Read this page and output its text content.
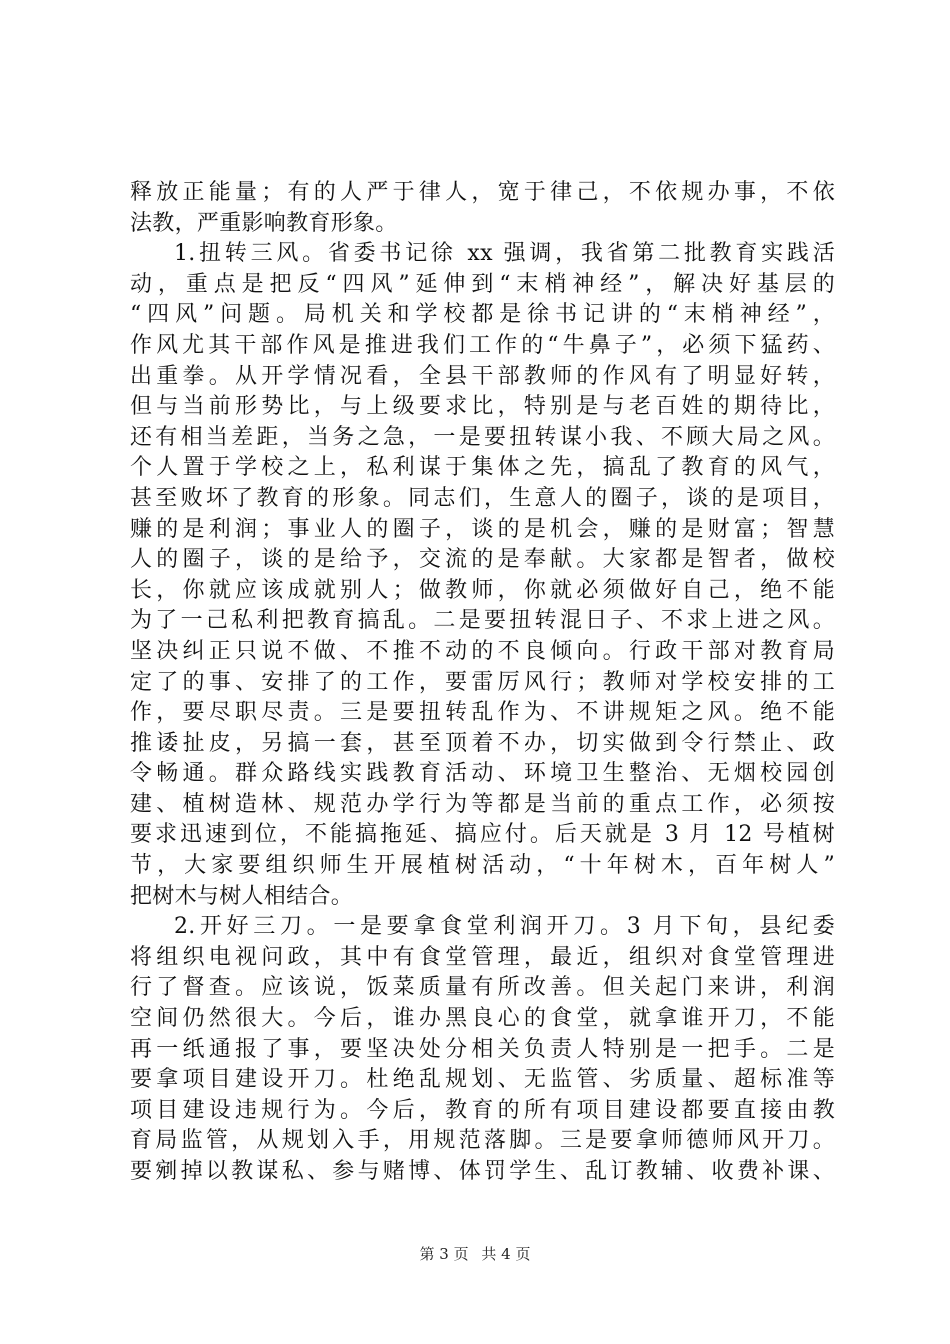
释放正能量；有的人严于律人，宽于律己，不依规办事，不依
法教，严重影响教育形象。
1.扭转三风。省委书记徐 xx 强调，我省第二批教育实践活
动，重点是把反“四风”延伸到“末梢神经”，解决好基层的
“四风”问题。局机关和学校都是徐书记讲的“末梢神经”，
作风尤其干部作风是推进我们工作的“牛鼻子”，必须下猛药、
出重拳。从开学情况看，全县干部教师的作风有了明显好转，
但与当前形势比，与上级要求比，特别是与老百姓的期待比，
还有相当差距，当务之急，一是要扭转谋小我、不顾大局之风。
个人置于学校之上，私利谋于集体之先，搞乱了教育的风气，
甚至败坏了教育的形象。同志们，生意人的圈子，谈的是项目，
赚的是利润；事业人的圈子，谈的是机会，赚的是财富；智慧
人的圈子，谈的是给予，交流的是奉献。大家都是智者，做校
长，你就应该成就别人；做教师，你就必须做好自己，绝不能
为了一己私利把教育搞乱。二是要扭转混日子、不求上进之风。
坚决纠正只说不做、不推不动的不良倾向。行政干部对教育局
定了的事、安排了的工作，要雷厉风行；教师对学校安排的工
作，要尽职尽责。三是要扭转乱作为、不讲规矩之风。绝不能
推诿扯皮，另搞一套，甚至顶着不办，切实做到令行禁止、政
令畅通。群众路线实践教育活动、环境卫生整治、无烟校园创
建、植树造林、规范办学行为等都是当前的重点工作，必须按
要求迅速到位，不能搞拖延、搞应付。后天就是 3 月 12 号植树
节，大家要组织师生开展植树活动，“十年树木，百年树人”
把树木与树人相结合。
2.开好三刀。一是要拿食堂利润开刀。3 月下旬，县纪委
将组织电视问政，其中有食堂管理，最近，组织对食堂管理进
行了督查。应该说，饭菜质量有所改善。但关起门来讲，利润
空间仍然很大。今后，谁办黑良心的食堂，就拿谁开刀，不能
再一纸通报了事，要坚决处分相关负责人特别是一把手。二是
要拿项目建设开刀。杜绝乱规划、无监管、劣质量、超标准等
项目建设违规行为。今后，教育的所有项目建设都要直接由教
育局监管，从规划入手，用规范落脚。三是要拿师德师风开刀。
要剜掉以教谋私、参与赌博、体罚学生、乱订教辅、收费补课、
第 3 页 共 4 页
